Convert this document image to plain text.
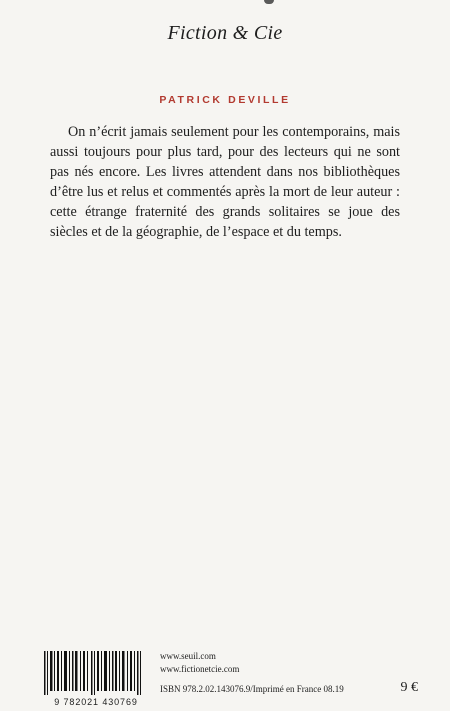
Fiction & Cie
PATRICK DEVILLE

On n’écrit jamais seulement pour les contemporains, mais aussi toujours pour plus tard, pour des lecteurs qui ne sont pas nés encore. Les livres attendent dans nos bibliothèques d’être lus et relus et commentés après la mort de leur auteur : cette étrange fraternité des grands solitaires se joue des siècles et de la géographie, de l’espace et du temps.

9 782021 430769
www.seuil.com
www.fictionetcie.com
ISBN 978.2.02.143076.9/Imprimé en France 08.19	9 €
